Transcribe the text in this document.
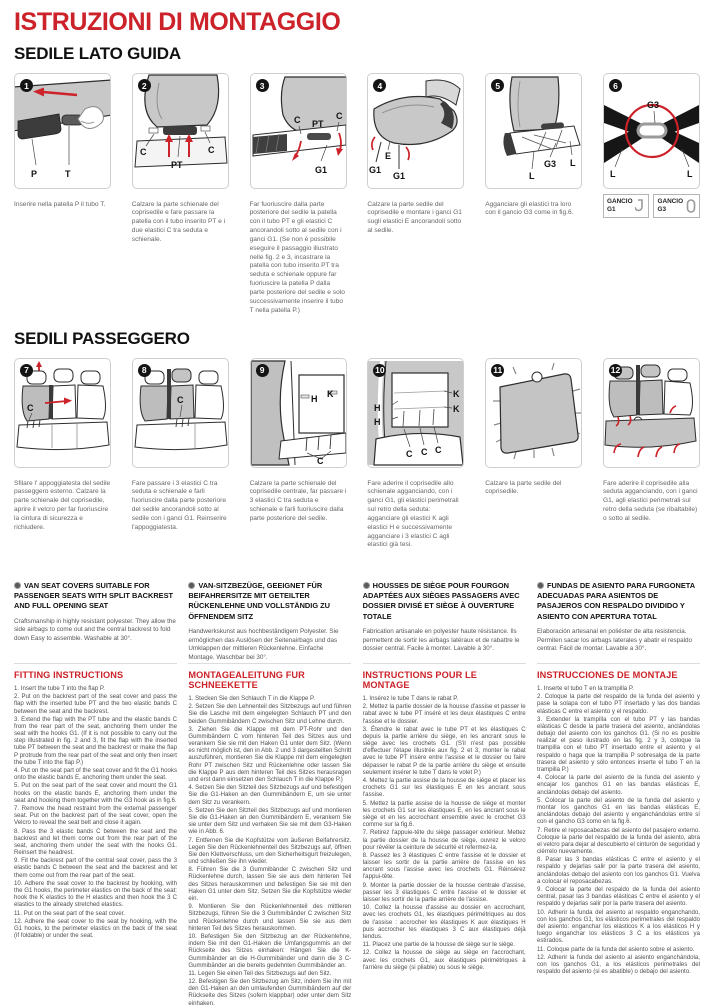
ISTRUZIONI DI MONTAGGIO
SEDILE LATO GUIDA
1
P	T
2
C
PT
C
3
C PT
C
G1
4
E
G1
G1
5
G3
L
L
6
G3
L	L

Inserire nella patella P il tubo T.	Calzare la parte schienale del coprisedile e fare passare la patella con il tubo inserito PT e i due elastici C tra seduta e schienale.

Far fuoriuscire dalla parte posteriore del sedile la patella con il tubo PT e gli elastici C ancorandoli sotto al sedile con i ganci G1. (Se non è possibile eseguire il passaggio illustrato nelle fig. 2 e 3, incastrare la patella con tubo inserito PT tra seduta e schienale oppure far fuoriuscire la patella P dalla parte posteriore del sedile e solo successivamente inserire il tubo T nella patella P.)

Calzare la parte sedile del coprisedile e montare i ganci G1 sugli elastici E ancorandoli sotto al sedile.

Agganciare gli elastici tra loro con il gancio G3 come in fig.6.

GANCIO
G1
GANCIO
G3
SEDILI PASSEGGERO
7
C
8
C
9
H K
C
10
H
H
K
K
C C C
11	12

Sfilare l' appoggiatesta del sedile passeggero esterno. Calzare la parte schienale del coprisedile, aprire il velcro per far fuoriuscire la cintura di sicurezza e richiudere.

Fare passare i 3 elastici C tra seduta e schienale e farli fuoriuscire dalla parte posteriore del sedile ancorandoli sotto al sedile con i ganci G1. Reinserire l'appoggiatesta.

Calzare la parte schienale del coprisedile centrale, far passare i 3 elastici C tra seduta e schienale e farli fuoriuscire dalla parte posteriore del sedile.

Fare aderire il coprisedile allo schienale agganciando, con i ganci G1, gli elastici perimetrali sul retro della seduta: agganciare gli elastici K agli elastici H e successivamente agganciare i 3 elastici C agli elastici già tesi.

Calzare la parte sedile del coprisedile.

Fare aderire il coprisedile alla seduta agganciando, con i ganci G1, agli elastici perimetrali sul retro della seduta (se ribaltabile) o sotto al sedile.

VAN SEAT COVERS SUITABLE FOR PASSENGER SEATS WITH SPLIT BACKREST AND FULL OPENING SEAT

Craftsmanship in highly resistant polyester. They allow the side airbags to come out and the central backrest to fold down Easy to assemble. Washable at 30°.

FITTING INSTRUCTIONS

1. Insert the tube T into the flap P.

2. Put on the backrest part of the seat cover and pass the flap with the inserted tube PT and the two elastic bands C between the seat and the backrest.

3. Extend the flap with the PT tube and the elastic bands C from the rear part of the seat, anchoring them under the seat with the hooks G1. (If it is not possible to carry out the step illustrated in fig. 2 and 3, fit the flap with the inserted tube PT between the seat and the backrest or make the flap P protrude from the rear part of the seat and only then insert the tube T into the flap P.)

4. Put on the seat part of the seat cover and fit the G1 hooks onto the elastic bands E, anchoring them under the seat.

5. Put on the seat part of the seat cover and mount the G1 hooks on the elastic bands E, anchoring them under the seat and hooking them together with the G3 hook as in fig.6.

7. Remove the head restraint from the external passenger seat. Put on the backrest part of the seat cover, open the Velcro to reveal the seat belt and close it again.

8. Pass the 3 elastic bands C between the seat and the backrest and let them come out from the rear part of the seat, anchoring them under the seat with the hooks G1. Reinsert the headrest.

9. Fit the backrest part of the central seat cover, pass the 3 elastic bands C between the seat and the backrest and let them come out from the rear part of the seat.

10. Adhere the seat cover to the backrest by hooking, with the G1 hooks, the perimeter elastics on the back of the seat: hook the K elastics to the H elastics and then hook the 3 C elastics to the already stretched elastics.

11. Put on the seat part of the seat cover.

12. Adhere the seat cover to the seat by hooking, with the G1 hooks, to the perimeter elastics on the back of the seat (if foldable) or under the seat.

VAN-SITZBEZÜGE, GEEIGNET FÜR BEIFAHRERSITZE MIT GETEILTER RÜCKENLEHNE UND VOLLSTÄNDIG ZU ÖFFNENDEM SITZ

Handwerkskunst aus hochbeständigem Polyester. Sie ermöglichen das Auslösen der Seitenairbags und das Umklappen der mittleren Rückenlehne. Einfache Montage. Waschbar bei 30°.

MONTAGEALEITUNG FUR SCHNEEKETTE

1. Stecken Sie den Schlauch T in die Klappe P.

2. Setzen Sie den Lehnenteil des Sitzbezugs auf und führen Sie die Lasche mit dem eingelegten Schlauch PT und den beiden Gummibändern C zwischen Sitz und Lehne durch.

3. Ziehen Sie die Klappe mit dem PT-Rohr und den Gummibändern C vom hinteren Teil des Sitzes aus und verankern Sie sie mit den Haken G1 unter dem Sitz. (Wenn es nicht möglich ist, den in Abb. 2 und 3 dargestellten Schritt auszuführen, montieren Sie die Klappe mit dem eingelegten Rohr PT zwischen Sitz und Rückenlehne oder lassen Sie die Klappe P aus dem hinteren Teil des Sitzes herausragen und erst dann einsetzen den Schlauch T in die Klappe P.)

4. Setzen Sie den Sitzteil des Sitzbezugs auf und befestigen Sie die G1-Haken an den Gummibändern E, um sie unter dem Sitz zu verankern.

5. Setzen Sie den Sitzteil des Sitzbezugs auf und montieren Sie die G1-Haken an den Gummibändern E, verankern Sie sie unter dem Sitz und verhaken Sie sie mit dem G3-Haken wie in Abb. 6.

7. Entfernen Sie die Kopfstütze vom äußeren Beifahrersitz. Legen Sie den Rückenlehnenteil des Sitzbezugs auf, öffnen Sie den Klettverschluss, um den Sicherheitsgurt freizulegen, und schließen Sie ihn wieder.

8. Führen Sie die 3 Gummibänder C zwischen Sitz und Rückenlehne durch, lassen Sie sie aus dem hinteren Teil des Sitzes herauskommen und befestigen Sie sie mit den Haken G1 unter dem Sitz. Setzen Sie die Kopfstütze wieder ein.

9. Montieren Sie den Rückenlehnenteil des mittleren Sitzbezugs, führen Sie die 3 Gummibänder C zwischen Sitz und Rückenlehne durch und lassen Sie sie aus dem hinteren Teil des Sitzes herauskommen.

10. Befestigen Sie den Sitzbezug an der Rückenlehne, indem Sie mit den G1-Haken die Umfangsgummis an der Rückseite des Sitzes einhaken: Hängen Sie die K-Gummibänder an die H-Gummibänder und dann die 3 C-Gummibänder an die bereits gedehnten Gummibänder an.

11. Legen Sie einen Teil des Sitzbezugs auf den Sitz.

12. Befestigen Sie den Sitzbezug am Sitz, indem Sie ihn mit den G1-Haken an den umlaufenden Gummibändern auf der Rückseite des Sitzes (sofern klappbar) oder unter dem Sitz einhaken.

HOUSSES DE SIÈGE POUR FOURGON ADAPTÉES AUX SIÈGES PASSAGERS AVEC DOSSIER DIVISÉ ET SIÈGE À OUVERTURE TOTALE

Fabrication artisanale en polyester haute résistance. Ils permettent de sortir les airbags latéraux et de rabattre le dossier central. Facile à monter. Lavable à 30°.

INSTRUCTIONS POUR LE MONTAGE

1. Insérez le tube T dans le rabat P.

2. Mettez la partie dossier de la housse d'assise et passer le rabat avec le tube PT inséré et les deux élastiques C entre l'assise et le dossier.

3. Étendre le rabat avec le tube PT et les élastiques C depuis la partie arrière du siège, en les ancrant sous le siège avec les crochets G1. (S'il n'est pas possible d'effectuer l'étape illustrée aux fig. 2 et 3, monter le rabat avec le tube PT insère entre l'assise et le dossier ou faire dépasser le rabat P de la partie arrière du siège et ensuite seulement insérer le tube T dans le volet P.)

4. Mettez la partie assise de la housse de siège et placer les crochets G1 sur les élastiques E en les ancrant sous l'assise.

5. Mettez la partie assise de la housse de siège et monter les crochets G1 sur les élastiques E, en les ancrant sous le siège et en les accrochant ensemble avec le crochet G3 comme sur la fig.6.

7. Retirez l'appuie-tête du siège passager extérieur. Mettez la partie dossier de la housse de siège, ouvrez le velcro pour révéler la ceinture de sécurité et refermez-la.

8. Passez les 3 élastiques C entre l'assise et le dossier et laisser les sortir de la partie arrière de l'assise en les ancrant sous l'assise avec les crochets G1. Réinsérez l'appui-tête.

9. Monter la partie dossier de la housse centrale d'assise, passer les 3 élastiques C entre l'assise et le dossier et laisser les sortir de la partie arrière de l'assise.

10. Collez la housse d'assise au dossier en accrochant, avec les crochets G1, les élastiques périmétriques au dos de l'assise : accrocher les élastiques K aux élastiques H puis accrocher les élastiques 3 C aux élastiques déjà tendus.

11. Placez une partie de la housse de siège sur le siège.

12. Collez la housse de siège au siège en l'accrochant, avec les crochets G1, aux élastiques périmétriques à l'arrière du siège (si pliable) ou sous le siège.

FUNDAS DE ASIENTO PARA FURGONETA ADECUADAS PARA ASIENTOS DE PASAJEROS CON RESPALDO DIVIDIDO Y ASIENTO CON APERTURA TOTAL

Elaboración artesanal en poliéster de alta resistencia. Permiten sacar los airbags laterales y abatir el respaldo central. Fácil de montar. Lavable a 30°.

INSTRUCCIONES DE MONTAJE

1. Inserte el tubo T en la trampilla P.

2. Coloque la parte del respaldo de la funda del asiento y pase la solapa con el tubo PT insertado y las dos bandas elásticas C entre el asiento y el respaldo.

3. Extender la trampilla con el tubo PT y las bandas elásticas C desde la parte trasera del asiento, anclándolas debajo del asiento con los ganchos G1. (Si no es posible realizar el paso ilustrado en las fig. 2 y 3, coloque la trampilla con el tubo PT insertado entre el asiento y el respaldo o haga que la trampilla P sobresalga de la parte trasera del asiento y sólo entonces inserte el tubo T en la trampilla P.)

4. Colocar la parte del asiento de la funda del asiento y encajar los ganchos G1 en las bandas elásticas E, anclándolas debajo del asiento.

5. Colocar la parte del asiento de la funda del asiento y montar los ganchos G1 en las bandas elásticas E, anclándolas debajo del asiento y enganchándolas entre sí con el gancho G3 como en la fig.6.

7. Retire el reposacabezas del asiento del pasajero externo. Coloque la parte del respaldo de la funda del asiento, abra el velcro para dejar al descubierto el cinturón de seguridad y ciérrelo nuevamente.

8. Pasar las 3 bandas elásticas C entre el asiento y el respaldo y dejarlas salir por la parte trasera del asiento, anclándolas debajo del asiento con los ganchos G1. Vuelva a colocar el reposacabezas.

9. Colocar la parte del respaldo de la funda del asiento central, pasar las 3 bandas elásticas C entre el asiento y el respaldo y dejarlas salir por la parte trasera del asiento.

10. Adherir la funda del asiento al respaldo enganchando, con los ganchos G1, los elásticos perimetrales del respaldo del asiento: enganchar los elásticos K a los elásticos H y luego enganchar los elásticos 3 C a los elásticos ya estirados.

11. Coloque parte de la funda del asiento sobre el asiento.

12. Adherir la funda del asiento al asiento enganchándola, con los ganchos G1, a los elásticos perimetrales del respaldo del asiento (si es abatible) o debajo del asiento.
